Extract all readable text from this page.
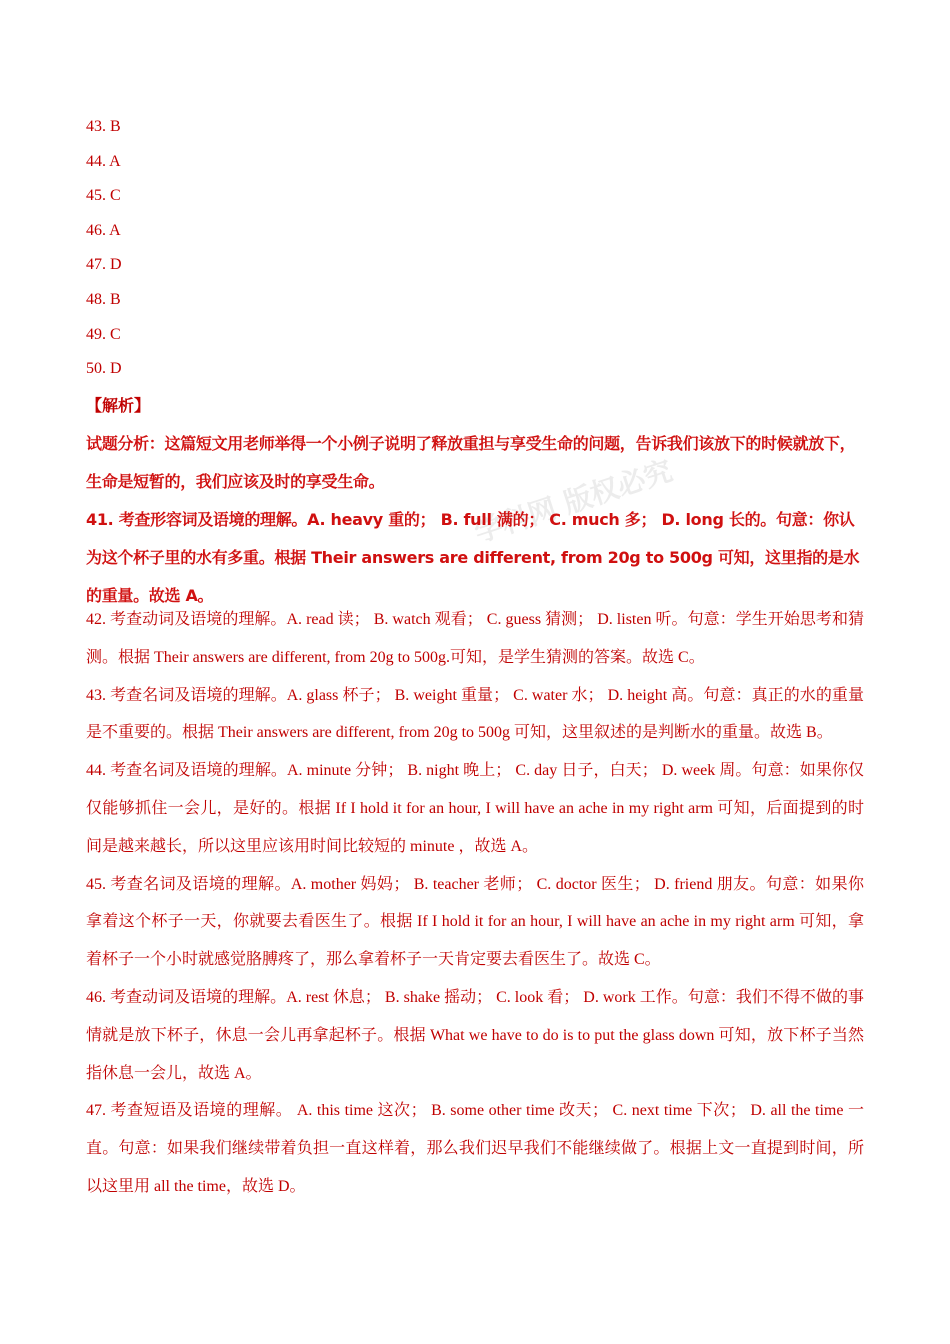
43. B
44. A
45. C
46. A
47. D
48. B
49. C
50. D
【解析】
学科网 版权必究

试题分析：这篇短文用老师举得一个小例子说明了释放重担与享受生命的问题，告诉我们该放下的时候就放下，生命是短暂的，我们应该及时的享受生命。

41. 考查形容词及语境的理解。A. heavy 重的； B. full 满的； C. much 多； D. long 长的。句意：你认为这个杯子里的水有多重。根据 Their answers are different, from 20g to 500g 可知，这里指的是水的重量。故选 A。

42. 考查动词及语境的理解。A. read 读； B. watch 观看； C. guess 猜测； D. listen 听。句意：学生开始思考和猜测。根据 Their answers are different, from 20g to 500g.可知，是学生猜测的答案。故选 C。

43. 考查名词及语境的理解。A. glass 杯子； B. weight 重量； C. water 水； D. height 高。句意：真正的水的重量是不重要的。根据 Their answers are different, from 20g to 500g 可知，这里叙述的是判断水的重量。故选 B。

44. 考查名词及语境的理解。A. minute 分钟； B. night 晚上； C. day 日子，白天； D. week 周。句意：如果你仅仅能够抓住一会儿，是好的。根据 If I hold it for an hour, I will have an ache in my right arm 可知，后面提到的时间是越来越长，所以这里应该用时间比较短的 minute ，故选 A。

45. 考查名词及语境的理解。A. mother 妈妈； B. teacher 老师； C. doctor 医生； D. friend 朋友。句意：如果你拿着这个杯子一天，你就要去看医生了。根据 If I hold it for an hour, I will have an ache in my right arm 可知，拿着杯子一个小时就感觉胳膊疼了，那么拿着杯子一天肯定要去看医生了。故选 C。

46. 考查动词及语境的理解。A. rest 休息； B. shake 摇动； C. look 看； D. work 工作。句意：我们不得不做的事情就是放下杯子，休息一会儿再拿起杯子。根据 What we have to do is to put the glass down 可知，放下杯子当然指休息一会儿，故选 A。

47. 考查短语及语境的理解。 A. this time 这次； B. some other time 改天； C. next time 下次； D. all the time 一直。句意：如果我们继续带着负担一直这样着，那么我们迟早我们不能继续做了。根据上文一直提到时间，所以这里用 all the time，故选 D。
